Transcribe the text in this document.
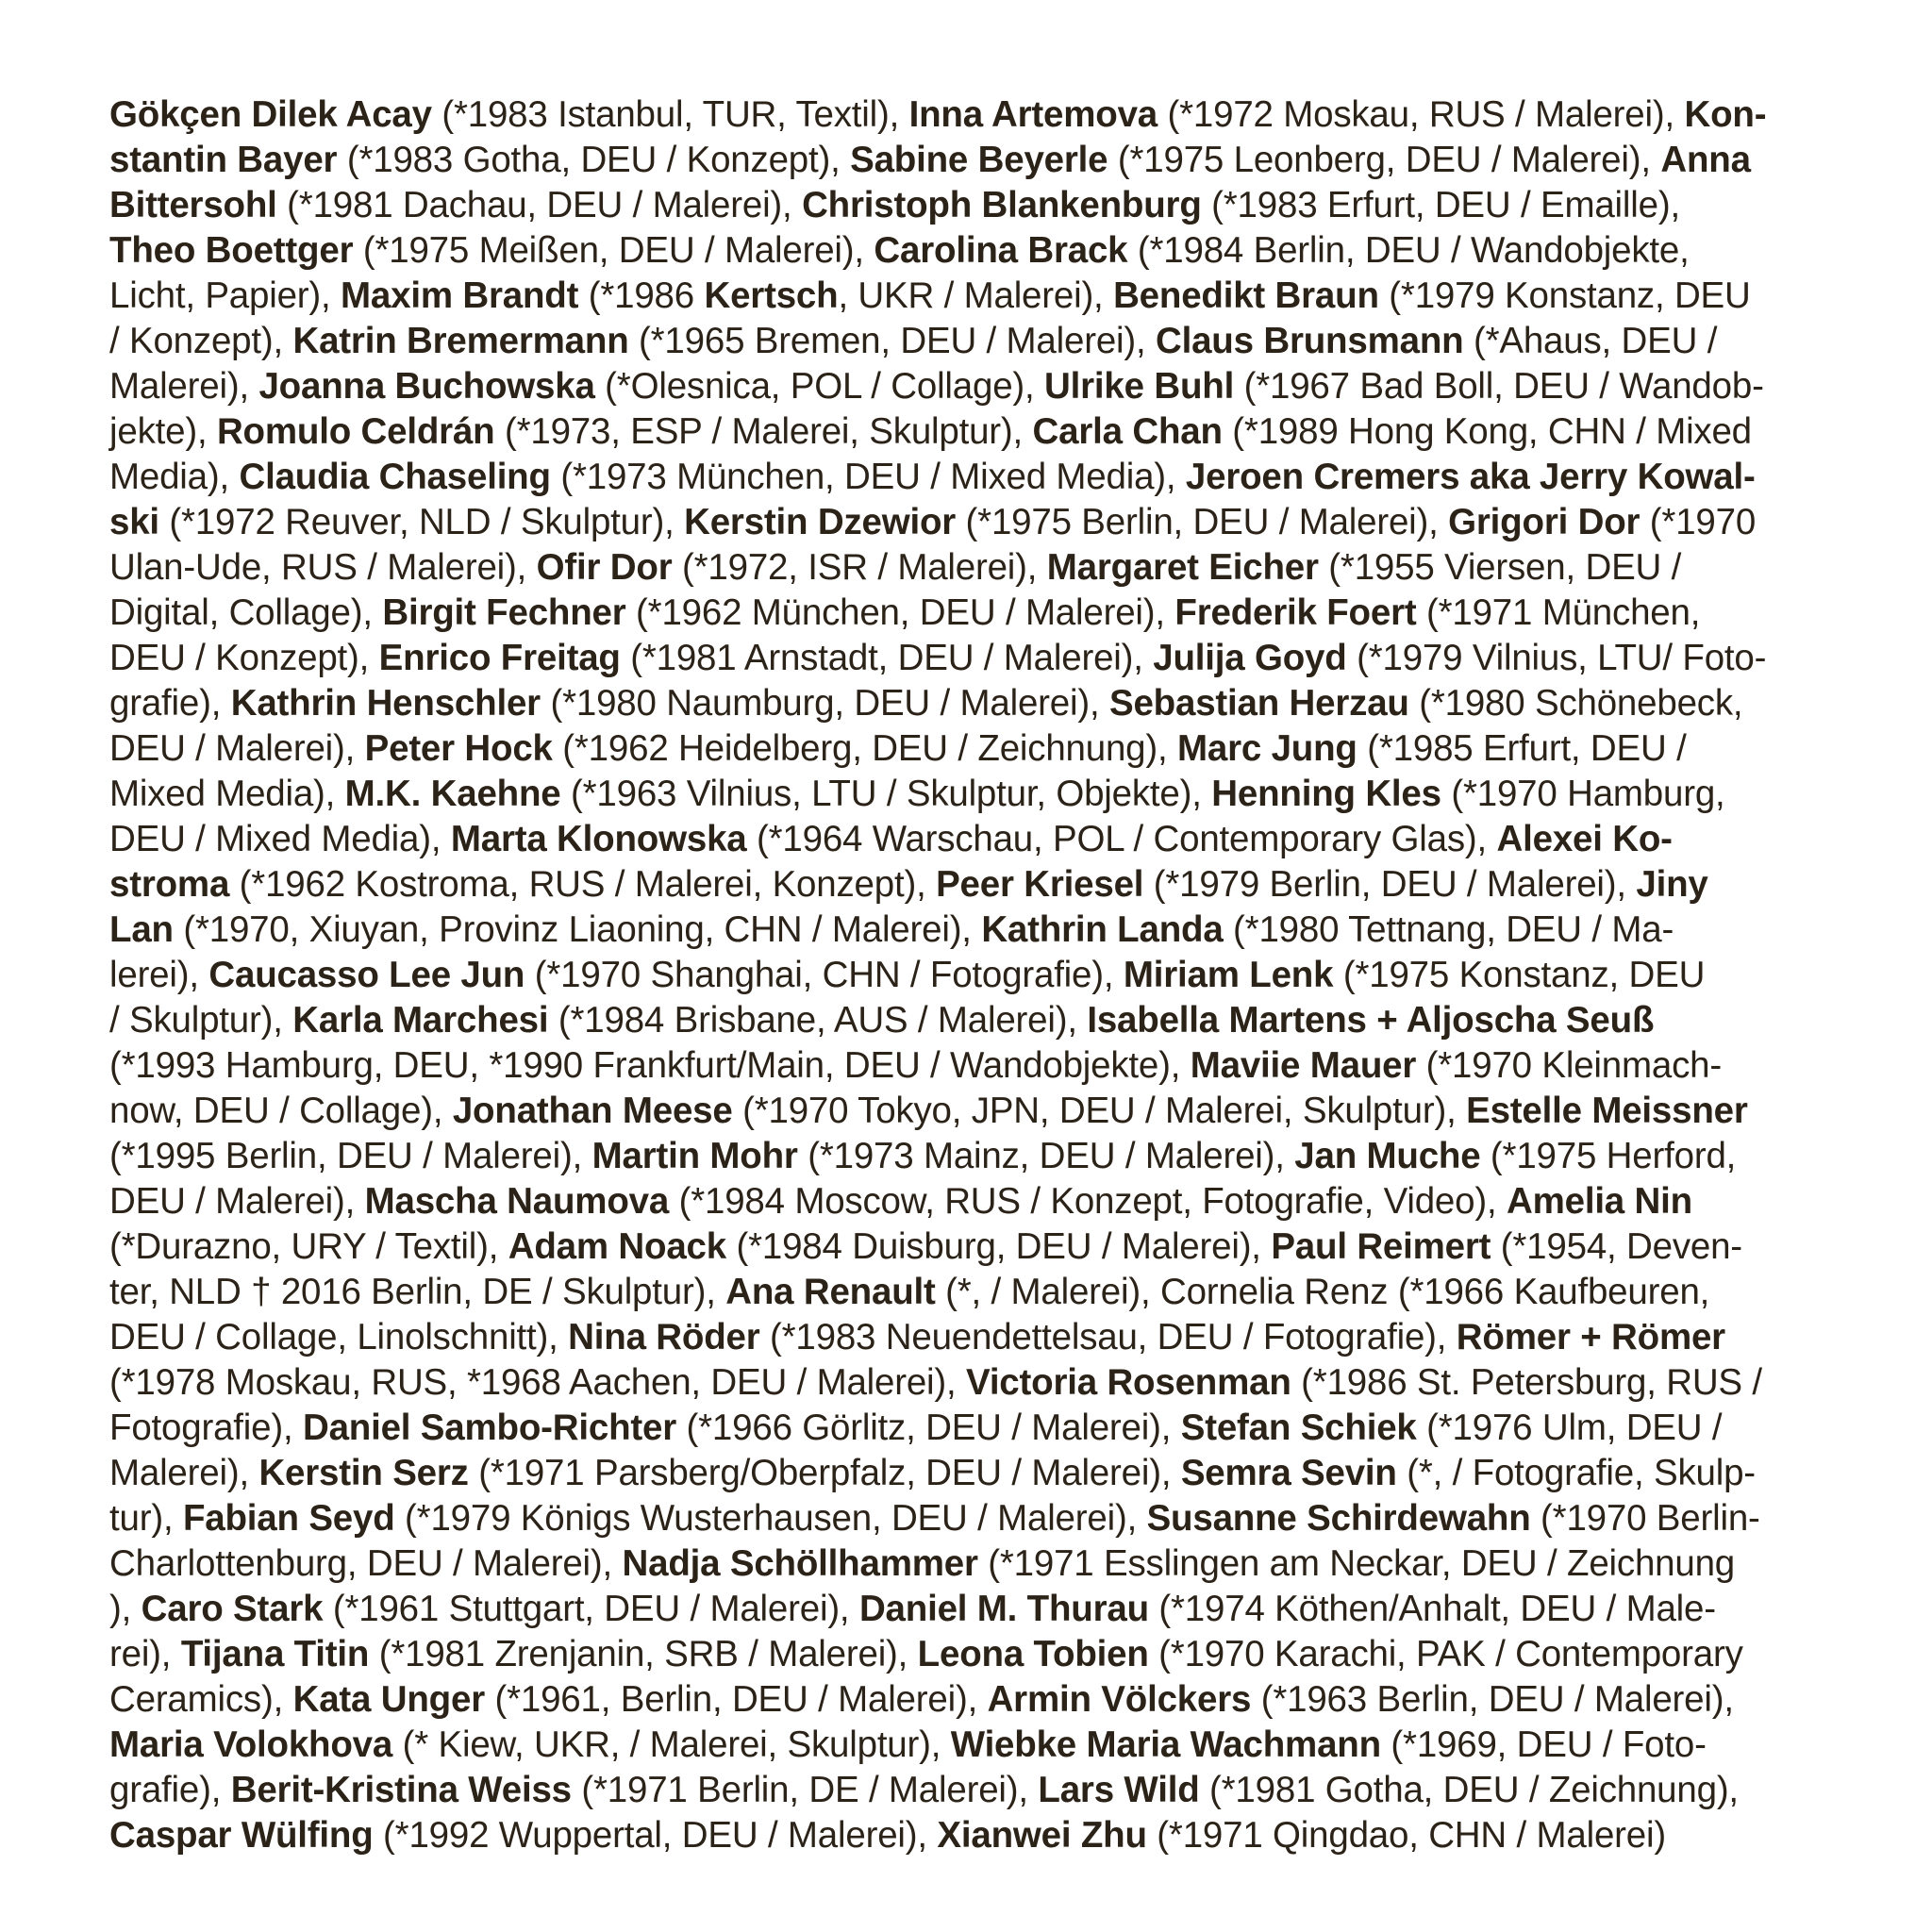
Gökçen Dilek Acay (*1983 Istanbul, TUR, Textil), Inna Artemova (*1972 Moskau, RUS / Malerei), Kon-
stantin Bayer (*1983 Gotha, DEU / Konzept), Sabine Beyerle (*1975 Leonberg, DEU / Malerei), Anna
Bittersohl (*1981 Dachau, DEU / Malerei), Christoph Blankenburg (*1983 Erfurt, DEU / Emaille),
Theo Boettger (*1975 Meißen, DEU / Malerei), Carolina Brack (*1984 Berlin, DEU / Wandobjekte,
Licht, Papier), Maxim Brandt (*1986 Kertsch, UKR / Malerei), Benedikt Braun (*1979 Konstanz, DEU
/ Konzept), Katrin Bremermann (*1965 Bremen, DEU / Malerei), Claus Brunsmann (*Ahaus, DEU /
Malerei), Joanna Buchowska (*Olesnica, POL / Collage), Ulrike Buhl (*1967 Bad Boll, DEU / Wandob-
jekte), Romulo Celdrán (*1973, ESP / Malerei, Skulptur), Carla Chan (*1989 Hong Kong, CHN / Mixed
Media), Claudia Chaseling (*1973 München, DEU / Mixed Media), Jeroen Cremers aka Jerry Kowal-
ski (*1972 Reuver, NLD / Skulptur), Kerstin Dzewior (*1975 Berlin, DEU / Malerei), Grigori Dor (*1970
Ulan-Ude, RUS / Malerei), Ofir Dor (*1972, ISR / Malerei), Margaret Eicher (*1955 Viersen, DEU /
Digital, Collage), Birgit Fechner (*1962 München, DEU / Malerei), Frederik Foert (*1971 München,
DEU / Konzept), Enrico Freitag (*1981 Arnstadt, DEU / Malerei), Julija Goyd (*1979 Vilnius, LTU/ Foto-
grafie), Kathrin Henschler (*1980 Naumburg, DEU / Malerei), Sebastian Herzau (*1980 Schönebeck,
DEU / Malerei), Peter Hock (*1962 Heidelberg, DEU / Zeichnung), Marc Jung (*1985 Erfurt, DEU /
Mixed Media), M.K. Kaehne (*1963 Vilnius, LTU / Skulptur, Objekte), Henning Kles (*1970 Hamburg,
DEU / Mixed Media), Marta Klonowska (*1964 Warschau, POL / Contemporary Glas), Alexei Ko-
stroma (*1962 Kostroma, RUS / Malerei, Konzept), Peer Kriesel (*1979 Berlin, DEU / Malerei), Jiny
Lan (*1970, Xiuyan, Provinz Liaoning, CHN / Malerei), Kathrin Landa (*1980 Tettnang, DEU / Ma-
lerei), Caucasso Lee Jun (*1970 Shanghai, CHN / Fotografie), Miriam Lenk (*1975 Konstanz, DEU
/ Skulptur), Karla Marchesi (*1984 Brisbane, AUS / Malerei), Isabella Martens + Aljoscha Seuß
(*1993 Hamburg, DEU, *1990 Frankfurt/Main, DEU / Wandobjekte), Maviie Mauer (*1970 Kleinmach-
now, DEU / Collage), Jonathan Meese (*1970 Tokyo, JPN, DEU / Malerei, Skulptur), Estelle Meissner
(*1995 Berlin, DEU / Malerei), Martin Mohr (*1973 Mainz, DEU / Malerei), Jan Muche (*1975 Herford,
DEU / Malerei), Mascha Naumova (*1984 Moscow, RUS / Konzept, Fotografie, Video), Amelia Nin
(*Durazno, URY / Textil), Adam Noack (*1984 Duisburg, DEU / Malerei), Paul Reimert (*1954, Deven-
ter, NLD † 2016 Berlin, DE / Skulptur), Ana Renault (*, / Malerei), Cornelia Renz (*1966 Kaufbeuren,
DEU / Collage, Linolschnitt), Nina Röder (*1983 Neuendettelsau, DEU / Fotografie), Römer + Römer
(*1978 Moskau, RUS, *1968 Aachen, DEU / Malerei), Victoria Rosenman (*1986 St. Petersburg, RUS /
Fotografie), Daniel Sambo-Richter (*1966 Görlitz, DEU / Malerei), Stefan Schiek (*1976 Ulm, DEU /
Malerei), Kerstin Serz (*1971 Parsberg/Oberpfalz, DEU / Malerei), Semra Sevin (*, / Fotografie, Skulp-
tur), Fabian Seyd (*1979 Königs Wusterhausen, DEU / Malerei), Susanne Schirdewahn (*1970 Berlin-
Charlottenburg, DEU / Malerei), Nadja Schöllhammer (*1971 Esslingen am Neckar, DEU / Zeichnung
), Caro Stark (*1961 Stuttgart, DEU / Malerei), Daniel M. Thurau (*1974 Köthen/Anhalt, DEU / Male-
rei), Tijana Titin (*1981 Zrenjanin, SRB / Malerei), Leona Tobien (*1970 Karachi, PAK / Contemporary
Ceramics), Kata Unger (*1961, Berlin, DEU / Malerei), Armin Völckers (*1963 Berlin, DEU / Malerei),
Maria Volokhova (* Kiew, UKR, / Malerei, Skulptur), Wiebke Maria Wachmann (*1969, DEU / Foto-
grafie), Berit-Kristina Weiss (*1971 Berlin, DE / Malerei), Lars Wild (*1981 Gotha, DEU / Zeichnung),
Caspar Wülfing (*1992 Wuppertal, DEU / Malerei), Xianwei Zhu (*1971 Qingdao, CHN / Malerei)
